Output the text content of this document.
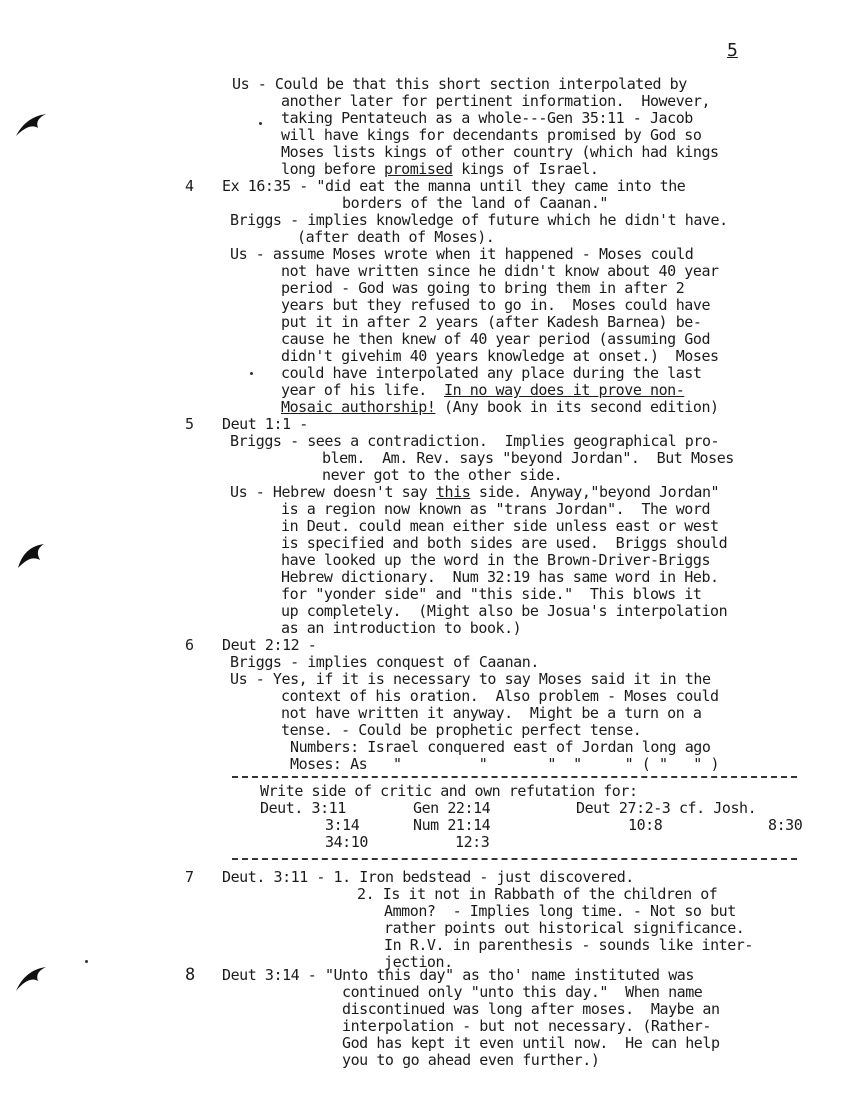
5
Us - Could be that this short section interpolated by
another later for pertinent information.  However,
taking Pentateuch as a whole---Gen 35:11 - Jacob
will have kings for decendants promised by God so
Moses lists kings of other country (which had kings
long before promised kings of Israel.
4 Ex 16:35 - "did eat the manna until they came into the
borders of the land of Caanan."
Briggs - implies knowledge of future which he didn't have.
(after death of Moses).
Us - assume Moses wrote when it happened - Moses could
not have written since he didn't know about 40 year
period - God was going to bring them in after 2
years but they refused to go in.  Moses could have
put it in after 2 years (after Kadesh Barnea) be-
cause he then knew of 40 year period (assuming God
didn't givehim 40 years knowledge at onset.)  Moses
could have interpolated any place during the last
year of his life.  In no way does it prove non-
Mosaic authorship! (Any book in its second edition)
5 Deut 1:1 -
Briggs - sees a contradiction.  Implies geographical pro-
blem.  Am. Rev. says "beyond Jordan".  But Moses
never got to the other side.
Us - Hebrew doesn't say this side. Anyway,"beyond Jordan"
is a region now known as "trans Jordan".  The word
in Deut. could mean either side unless east or west
is specified and both sides are used.  Briggs should
have looked up the word in the Brown-Driver-Briggs
Hebrew dictionary.  Num 32:19 has same word in Heb.
for "yonder side" and "this side."  This blows it
up completely.  (Might also be Josua's interpolation
as an introduction to book.)
6 Deut 2:12 -
Briggs - implies conquest of Caanan.
Us - Yes, if it is necessary to say Moses said it in the
context of his oration.  Also problem - Moses could
not have written it anyway.  Might be a turn on a
tense. - Could be prophetic perfect tense.
Numbers: Israel conquered east of Jordan long ago
Moses: As   "         "       "  "     " ( "   " )
Write side of critic and own refutation for:
Deut. 3:11	Gen 22:14	Deut 27:2-3 cf. Josh.
3:14	Num 21:14	10:8	8:30
34:10	12:3
7 Deut. 3:11 - 1. Iron bedstead - just discovered.
2. Is it not in Rabbath of the children of
Ammon?  - Implies long time. - Not so but
rather points out historical significance.
In R.V. in parenthesis - sounds like inter-
jection.
8 Deut 3:14 - "Unto this day" as tho' name instituted was
continued only "unto this day."  When name
discontinued was long after moses.  Maybe an
interpolation - but not necessary. (Rather-
God has kept it even until now.  He can help
you to go ahead even further.)
